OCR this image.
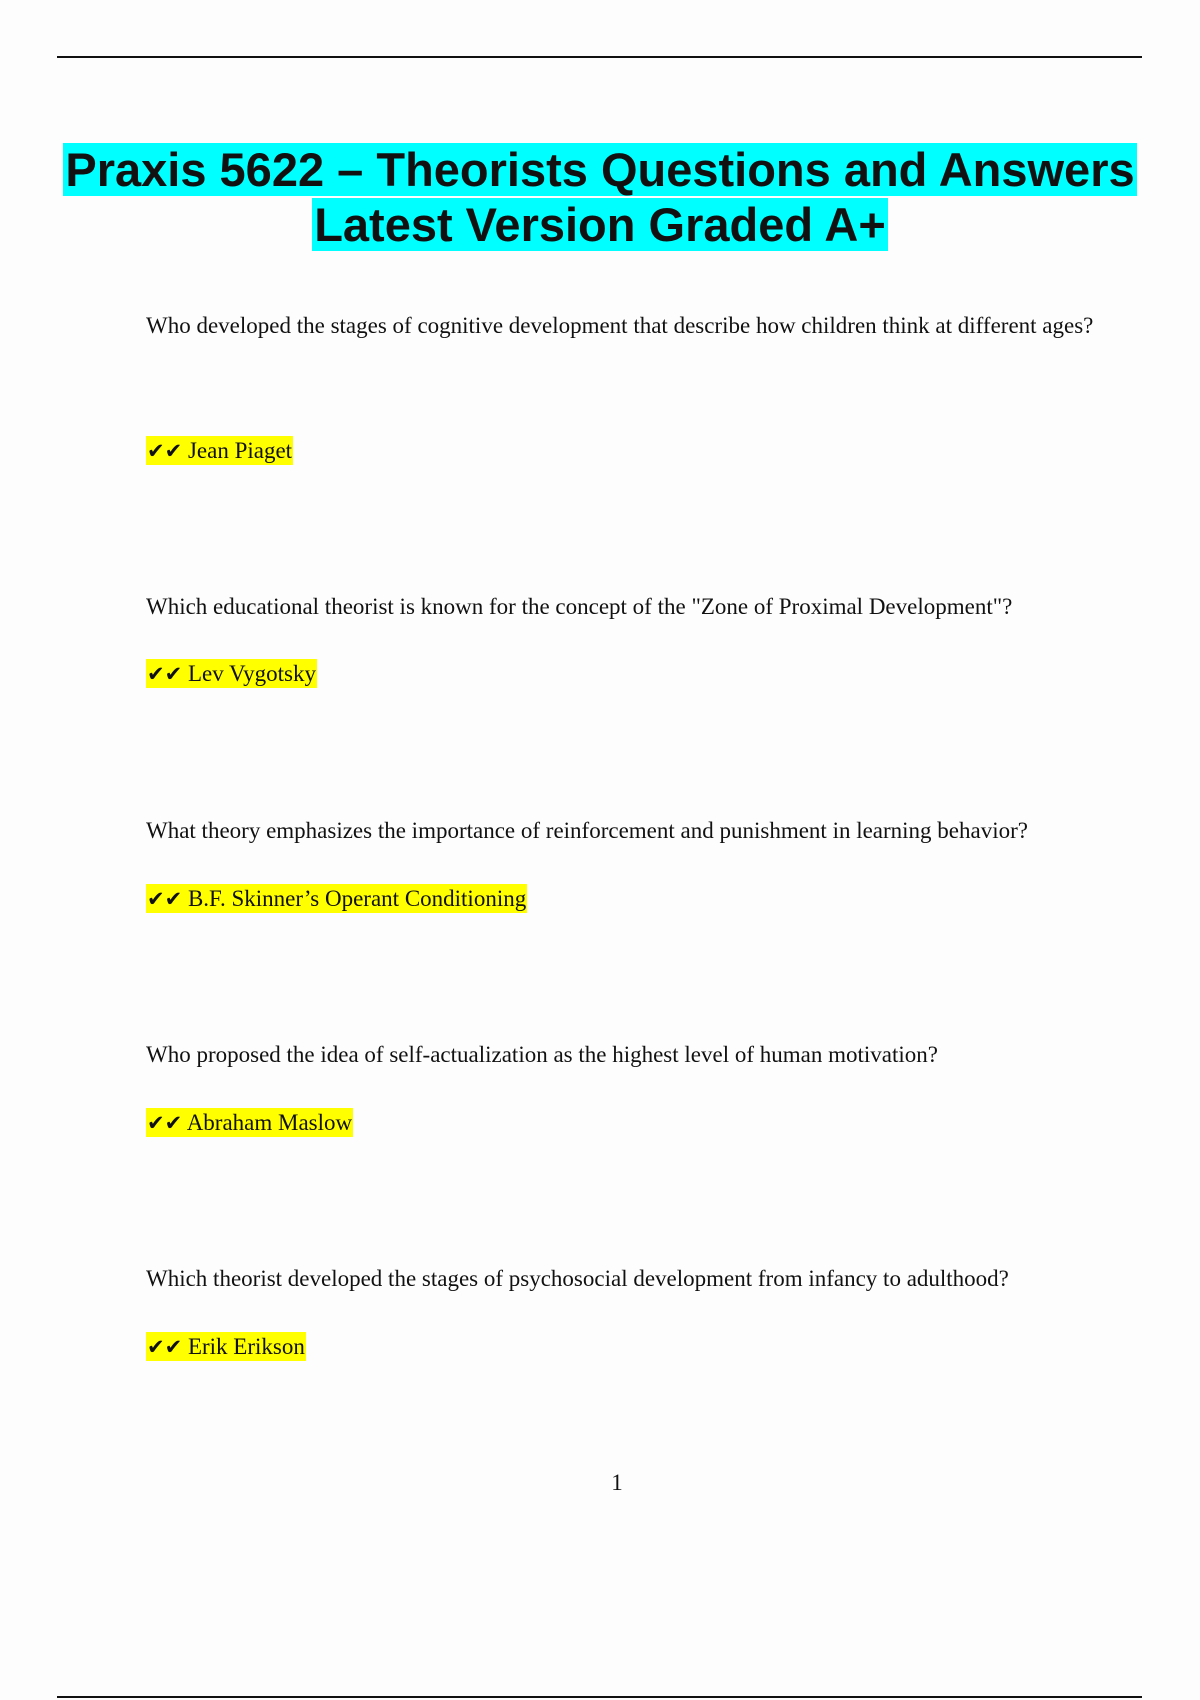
Praxis 5622 – Theorists Questions and Answers Latest Version Graded A+

Who developed the stages of cognitive development that describe how children think at different ages?

✔✔ Jean Piaget

Which educational theorist is known for the concept of the "Zone of Proximal Development"?

✔✔ Lev Vygotsky

What theory emphasizes the importance of reinforcement and punishment in learning behavior?

✔✔ B.F. Skinner’s Operant Conditioning

Who proposed the idea of self-actualization as the highest level of human motivation?

✔✔ Abraham Maslow

Which theorist developed the stages of psychosocial development from infancy to adulthood?

✔✔ Erik Erikson

1
